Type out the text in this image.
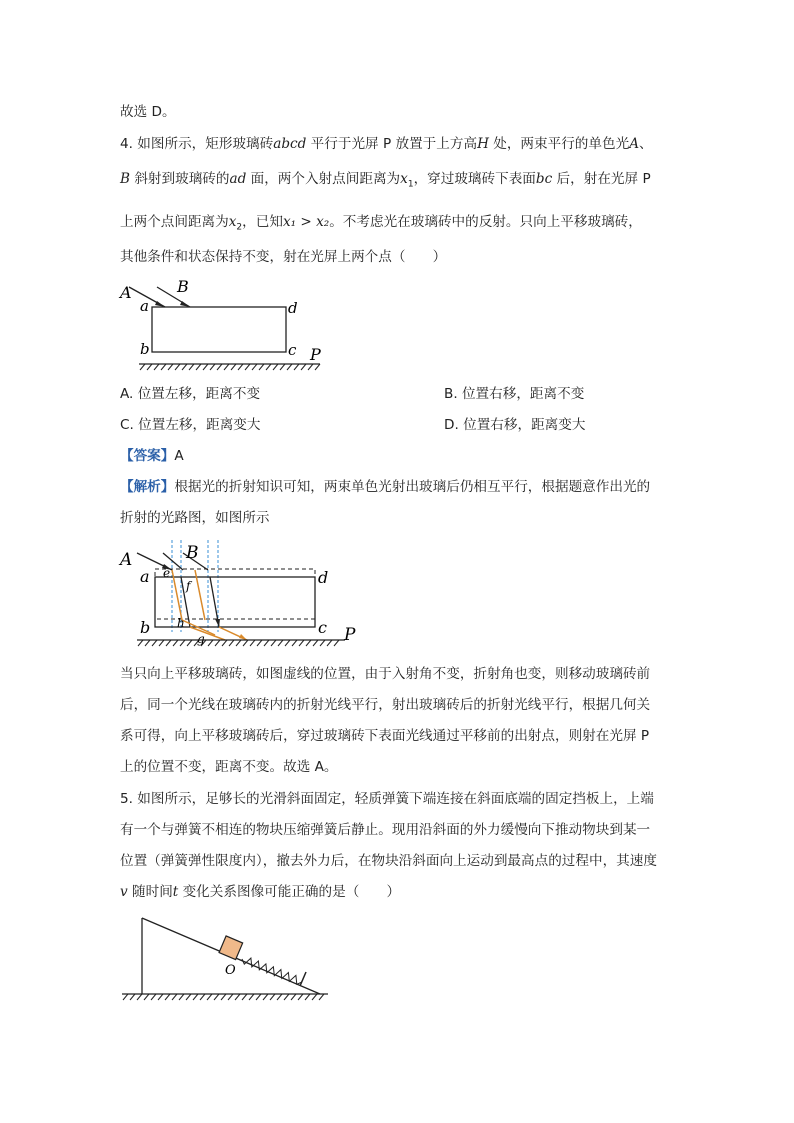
故选 D。
4. 如图所示，矩形玻璃砖abcd 平行于光屏 P 放置于上方高H 处，两束平行的单色光A、
B 斜射到玻璃砖的ad 面，两个入射点间距离为$x_1$，穿过玻璃砖下表面bc 后，射在光屏 P
上两个点间距离为$x_2$，已知x₁ > x₂。不考虑光在玻璃砖中的反射。只向上平移玻璃砖，
其他条件和状态保持不变，射在光屏上两个点（　　）
A	B
a
b	c
d
P
A. 位置左移，距离不变	B. 位置右移，距离不变
C. 位置左移，距离变大	D. 位置右移，距离变大
【答案】A
【解析】根据光的折射知识可知，两束单色光射出玻璃后仍相互平行，根据题意作出光的
折射的光路图，如图所示
A	B
a
b	c
d
P
e
f
g
h
当只向上平移玻璃砖，如图虚线的位置，由于入射角不变，折射角也变，则移动玻璃砖前
后，同一个光线在玻璃砖内的折射光线平行，射出玻璃砖后的折射光线平行，根据几何关
系可得，向上平移玻璃砖后，穿过玻璃砖下表面光线通过平移前的出射点，则射在光屏 P
上的位置不变，距离不变。故选 A。
5. 如图所示，足够长的光滑斜面固定，轻质弹簧下端连接在斜面底端的固定挡板上，上端
有一个与弹簧不相连的物块压缩弹簧后静止。现用沿斜面的外力缓慢向下推动物块到某一
位置（弹簧弹性限度内），撤去外力后，在物块沿斜面向上运动到最高点的过程中，其速度
v 随时间t 变化关系图像可能正确的是（　　）
O
